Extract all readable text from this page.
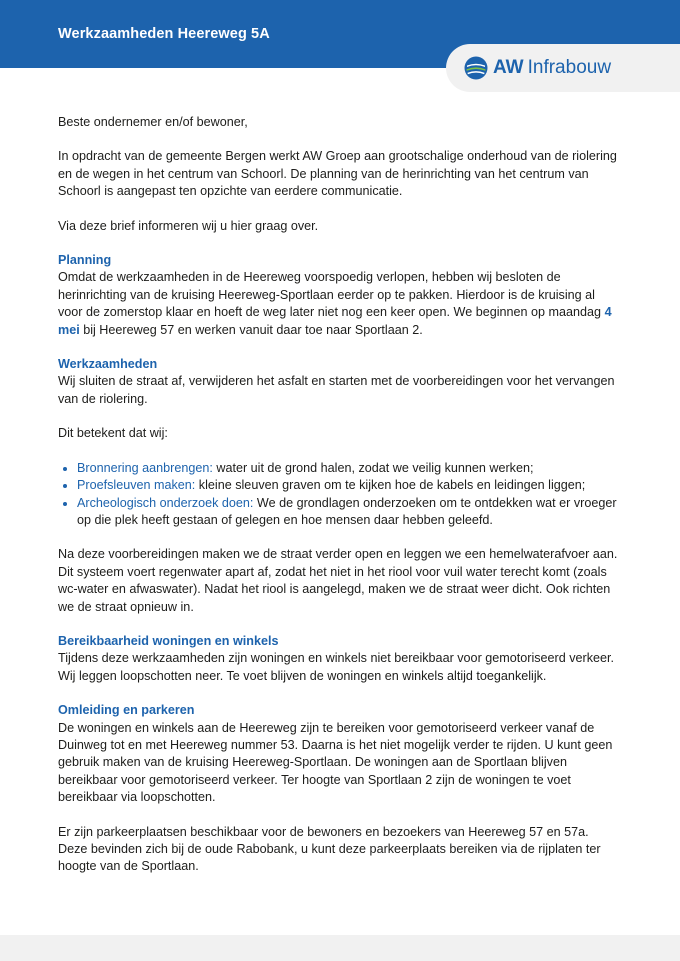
Werkzaamheden Heereweg 5A
AW Infrabouw

Beste ondernemer en/of bewoner,

In opdracht van de gemeente Bergen werkt AW Groep aan grootschalige onderhoud van de riolering en de wegen in het centrum van Schoorl. De planning van de herinrichting van het centrum van Schoorl is aangepast ten opzichte van eerdere communicatie.

Via deze brief informeren wij u hier graag over.

Planning

Omdat de werkzaamheden in de Heereweg voorspoedig verlopen, hebben wij besloten de herinrichting van de kruising Heereweg-Sportlaan eerder op te pakken. Hierdoor is de kruising al voor de zomerstop klaar en hoeft de weg later niet nog een keer open. We beginnen op maandag 4 mei bij Heereweg 57 en werken vanuit daar toe naar Sportlaan 2.

Werkzaamheden

Wij sluiten de straat af, verwijderen het asfalt en starten met de voorbereidingen voor het vervangen van de riolering.

Dit betekent dat wij:

• Bronnering aanbrengen: water uit de grond halen, zodat we veilig kunnen werken;
• Proefsleuven maken: kleine sleuven graven om te kijken hoe de kabels en leidingen liggen;
• Archeologisch onderzoek doen: We de grondlagen onderzoeken om te ontdekken wat er vroeger op die plek heeft gestaan of gelegen en hoe mensen daar hebben geleefd.

Na deze voorbereidingen maken we de straat verder open en leggen we een hemelwaterafvoer aan. Dit systeem voert regenwater apart af, zodat het niet in het riool voor vuil water terecht komt (zoals wc-water en afwaswater). Nadat het riool is aangelegd, maken we de straat weer dicht. Ook richten we de straat opnieuw in.

Bereikbaarheid woningen en winkels

Tijdens deze werkzaamheden zijn woningen en winkels niet bereikbaar voor gemotoriseerd verkeer.

Wij leggen loopschotten neer. Te voet blijven de woningen en winkels altijd toegankelijk.

Omleiding en parkeren

De woningen en winkels aan de Heereweg zijn te bereiken voor gemotoriseerd verkeer vanaf de Duinweg tot en met Heereweg nummer 53. Daarna is het niet mogelijk verder te rijden. U kunt geen gebruik maken van de kruising Heereweg-Sportlaan. De woningen aan de Sportlaan blijven bereikbaar voor gemotoriseerd verkeer. Ter hoogte van Sportlaan 2 zijn de woningen te voet bereikbaar via loopschotten.

Er zijn parkeerplaatsen beschikbaar voor de bewoners en bezoekers van Heereweg 57 en 57a. Deze bevinden zich bij de oude Rabobank, u kunt deze parkeerplaats bereiken via de rijplaten ter hoogte van de Sportlaan.
